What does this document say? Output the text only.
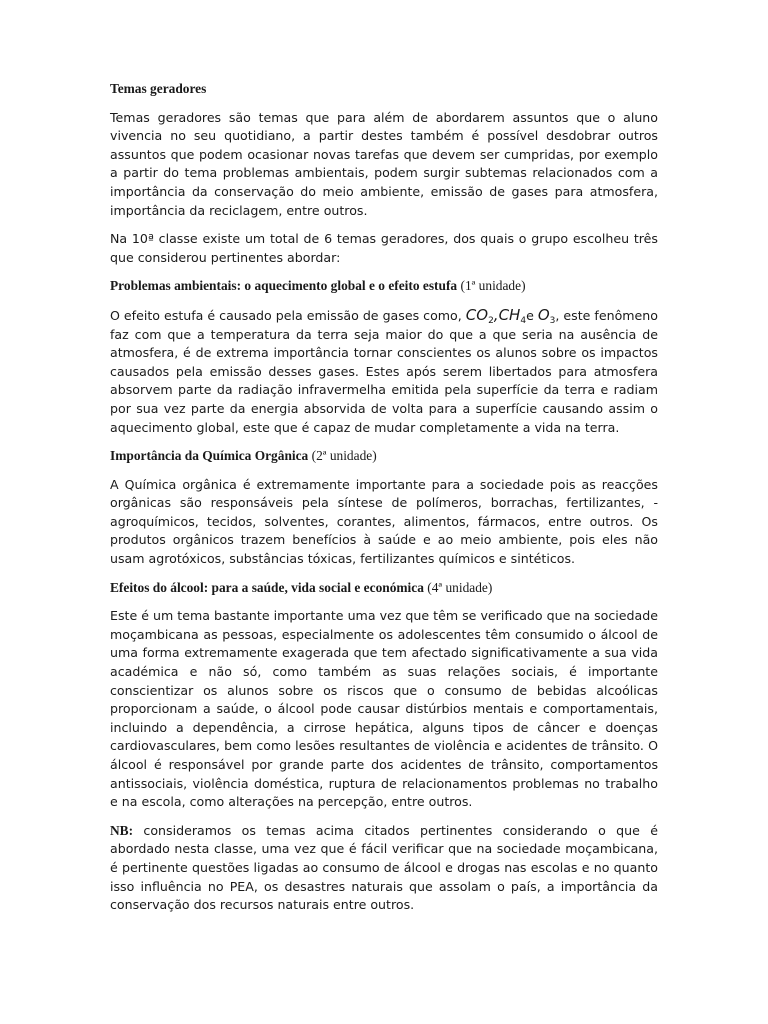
Temas geradores

Temas geradores são temas que para além de abordarem assuntos que o aluno vivencia no seu quotidiano, a partir destes também é possível desdobrar outros assuntos que podem ocasionar novas tarefas que devem ser cumpridas, por exemplo a partir do tema problemas ambientais, podem surgir subtemas relacionados com a importância da conservação do meio ambiente, emissão de gases para atmosfera, importância da reciclagem, entre outros.

Na 10ª classe existe um total de 6 temas geradores, dos quais o grupo escolheu três que considerou pertinentes abordar:

Problemas ambientais: o aquecimento global e o efeito estufa (1ª unidade)

O efeito estufa é causado pela emissão de gases como, $CO_2,CH_4e$ $O_3$, este fenômeno faz com que a temperatura da terra seja maior do que a que seria na ausência de atmosfera, é de extrema importância tornar conscientes os alunos sobre os impactos causados pela emissão desses gases. Estes após serem libertados para atmosfera absorvem parte da radiação infravermelha emitida pela superfície da terra e radiam por sua vez parte da energia absorvida de volta para a superfície causando assim o aquecimento global, este que é capaz de mudar completamente a vida na terra.

Importância da Química Orgânica (2ª unidade)

A Química orgânica é extremamente importante para a sociedade pois as reacções orgânicas são responsáveis pela síntese de polímeros, borrachas, fertilizantes, -agroquímicos, tecidos, solventes, corantes, alimentos, fármacos, entre outros. Os produtos orgânicos trazem benefícios à saúde e ao meio ambiente, pois eles não usam agrotóxicos, substâncias tóxicas, fertilizantes químicos e sintéticos.

Efeitos do álcool: para a saúde, vida social e económica (4ª unidade)

Este é um tema bastante importante uma vez que têm se verificado que na sociedade moçambicana as pessoas, especialmente os adolescentes têm consumido o álcool de uma forma extremamente exagerada que tem afectado significativamente a sua vida académica e não só, como também as suas relações sociais, é importante conscientizar os alunos sobre os riscos que o consumo de bebidas alcoólicas proporcionam a saúde, o álcool pode causar distúrbios mentais e comportamentais, incluindo a dependência, a cirrose hepática, alguns tipos de câncer e doenças cardiovasculares, bem como lesões resultantes de violência e acidentes de trânsito. O álcool é responsável por grande parte dos acidentes de trânsito, comportamentos antissociais, violência doméstica, ruptura de relacionamentos problemas no trabalho e na escola, como alterações na percepção, entre outros.

NB: consideramos os temas acima citados pertinentes considerando o que é abordado nesta classe, uma vez que é fácil verificar que na sociedade moçambicana, é pertinente questões ligadas ao consumo de álcool e drogas nas escolas e no quanto isso influência no PEA, os desastres naturais que assolam o país, a importância da conservação dos recursos naturais entre outros.
